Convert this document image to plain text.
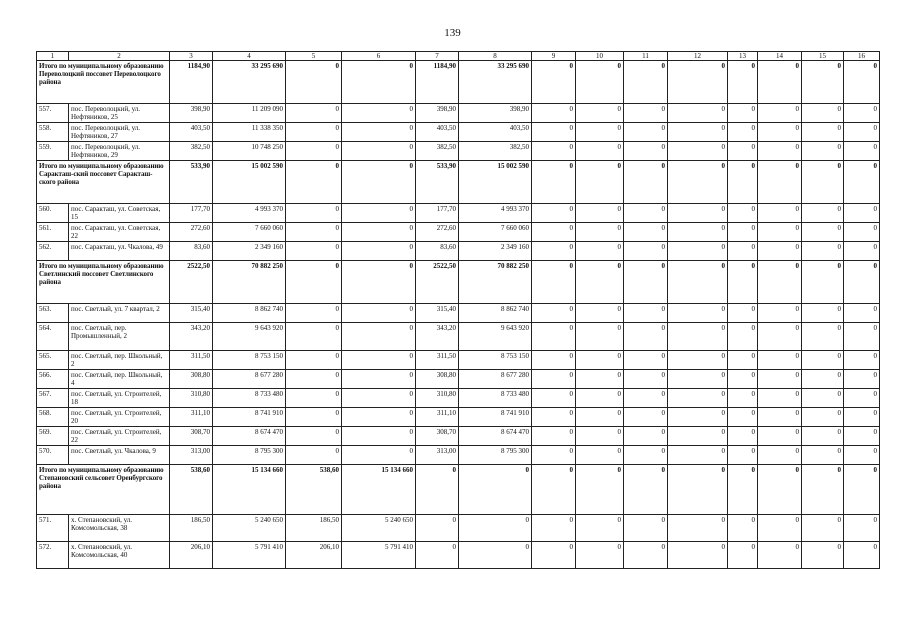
139
1	2	3	4	5	6	7	8	9	10	11	12	13	14	15	16
Итого по муниципальному образованию Переволоцкий поссовет Переволоцкого района		1184,90	33 295 690	0	0	1184,90	33 295 690	0	0	0	0	0	0	0	0
557.	пос. Переволоцкий, ул. Нефтяников, 25	398,90	11 209 090	0	0	398,90	398,90	0	0	0	0	0	0	0	0
558.	пос. Переволоцкий, ул. Нефтяников, 27	403,50	11 338 350	0	0	403,50	403,50	0	0	0	0	0	0	0	0
559.	пос. Переволоцкий, ул. Нефтяников, 29	382,50	10 748 250	0	0	382,50	382,50	0	0	0	0	0	0	0	0
Итого по муниципальному образованию Саракташ-ский поссовет Саракташ-ского района		533,90	15 002 590	0	0	533,90	15 002 590	0	0	0	0	0	0	0	0
560.	пос. Саракташ, ул. Советская, 15	177,70	4 993 370	0	0	177,70	4 993 370	0	0	0	0	0	0	0	0
561.	пос. Саракташ, ул. Советская, 22	272,60	7 660 060	0	0	272,60	7 660 060	0	0	0	0	0	0	0	0
562.	пос. Саракташ, ул. Чкалова, 49	83,60	2 349 160	0	0	83,60	2 349 160	0	0	0	0	0	0	0	0
Итого по муниципальному образованию Светлинский поссовет Светлинского района		2522,50	70 882 250	0	0	2522,50	70 882 250	0	0	0	0	0	0	0	0
563.	пос. Светлый, ул. 7 квартал, 2	315,40	8 862 740	0	0	315,40	8 862 740	0	0	0	0	0	0	0	0
564.	пос. Светлый, пер. Промышленный, 2	343,20	9 643 920	0	0	343,20	9 643 920	0	0	0	0	0	0	0	0
565.	пос. Светлый, пер. Школьный, 2	311,50	8 753 150	0	0	311,50	8 753 150	0	0	0	0	0	0	0	0
566.	пос. Светлый, пер. Школьный, 4	308,80	8 677 280	0	0	308,80	8 677 280	0	0	0	0	0	0	0	0
567.	пос. Светлый, ул. Строителей, 18	310,80	8 733 480	0	0	310,80	8 733 480	0	0	0	0	0	0	0	0
568.	пос. Светлый, ул. Строителей, 20	311,10	8 741 910	0	0	311,10	8 741 910	0	0	0	0	0	0	0	0
569.	пос. Светлый, ул. Строителей, 22	308,70	8 674 470	0	0	308,70	8 674 470	0	0	0	0	0	0	0	0
570.	пос. Светлый, ул. Чкалова, 9	313,00	8 795 300	0	0	313,00	8 795 300	0	0	0	0	0	0	0	0
Итого по муниципальному образованию Степановский сельсовет Оренбургского района		538,60	15 134 660	538,60	15 134 660	0	0	0	0	0	0	0	0	0	0
571.	х. Степановский, ул. Комсомольская, 38	186,50	5 240 650	186,50	5 240 650	0	0	0	0	0	0	0	0	0	0
572.	х. Степановский, ул. Комсомольская, 40	206,10	5 791 410	206,10	5 791 410	0	0	0	0	0	0	0	0	0	0
